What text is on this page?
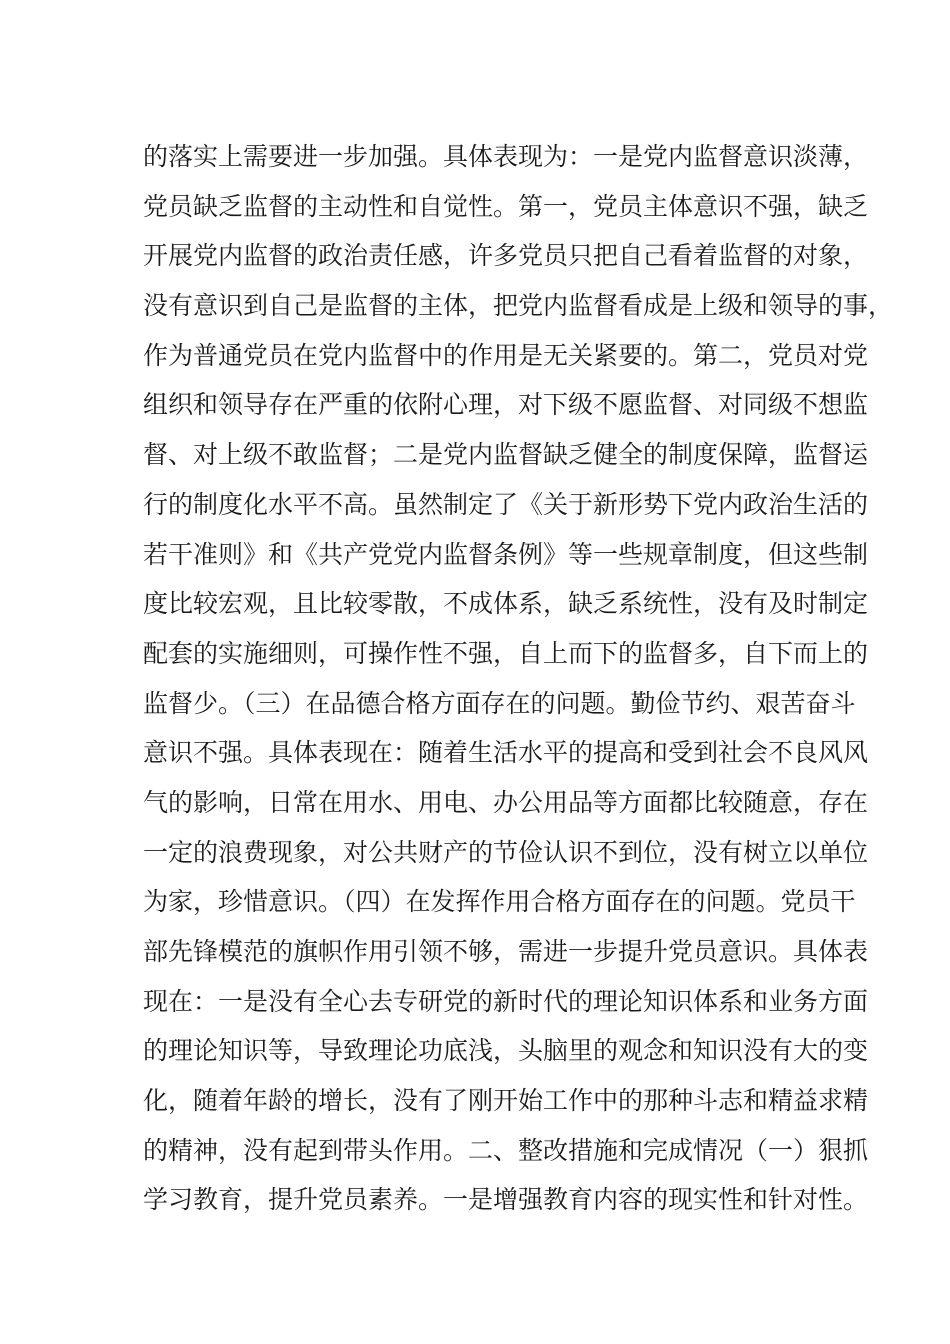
的落实上需要进一步加强。具体表现为：一是党内监督意识淡薄，
党员缺乏监督的主动性和自觉性。第一，党员主体意识不强，缺乏
开展党内监督的政治责任感，许多党员只把自己看着监督的对象，
没有意识到自己是监督的主体，把党内监督看成是上级和领导的事，
作为普通党员在党内监督中的作用是无关紧要的。第二，党员对党
组织和领导存在严重的依附心理，对下级不愿监督、对同级不想监
督、对上级不敢监督；二是党内监督缺乏健全的制度保障，监督运
行的制度化水平不高。虽然制定了《关于新形势下党内政治生活的
若干准则》和《共产党党内监督条例》等一些规章制度，但这些制
度比较宏观，且比较零散，不成体系，缺乏系统性，没有及时制定
配套的实施细则，可操作性不强，自上而下的监督多，自下而上的
监督少。（三）在品德合格方面存在的问题。勤俭节约、艰苦奋斗
意识不强。具体表现在：随着生活水平的提高和受到社会不良风风
气的影响，日常在用水、用电、办公用品等方面都比较随意，存在
一定的浪费现象，对公共财产的节俭认识不到位，没有树立以单位
为家，珍惜意识。（四）在发挥作用合格方面存在的问题。党员干
部先锋模范的旗帜作用引领不够，需进一步提升党员意识。具体表
现在：一是没有全心去专研党的新时代的理论知识体系和业务方面
的理论知识等，导致理论功底浅，头脑里的观念和知识没有大的变
化，随着年龄的增长，没有了刚开始工作中的那种斗志和精益求精
的精神，没有起到带头作用。二、整改措施和完成情况（一）狠抓
学习教育，提升党员素养。一是增强教育内容的现实性和针对性。
